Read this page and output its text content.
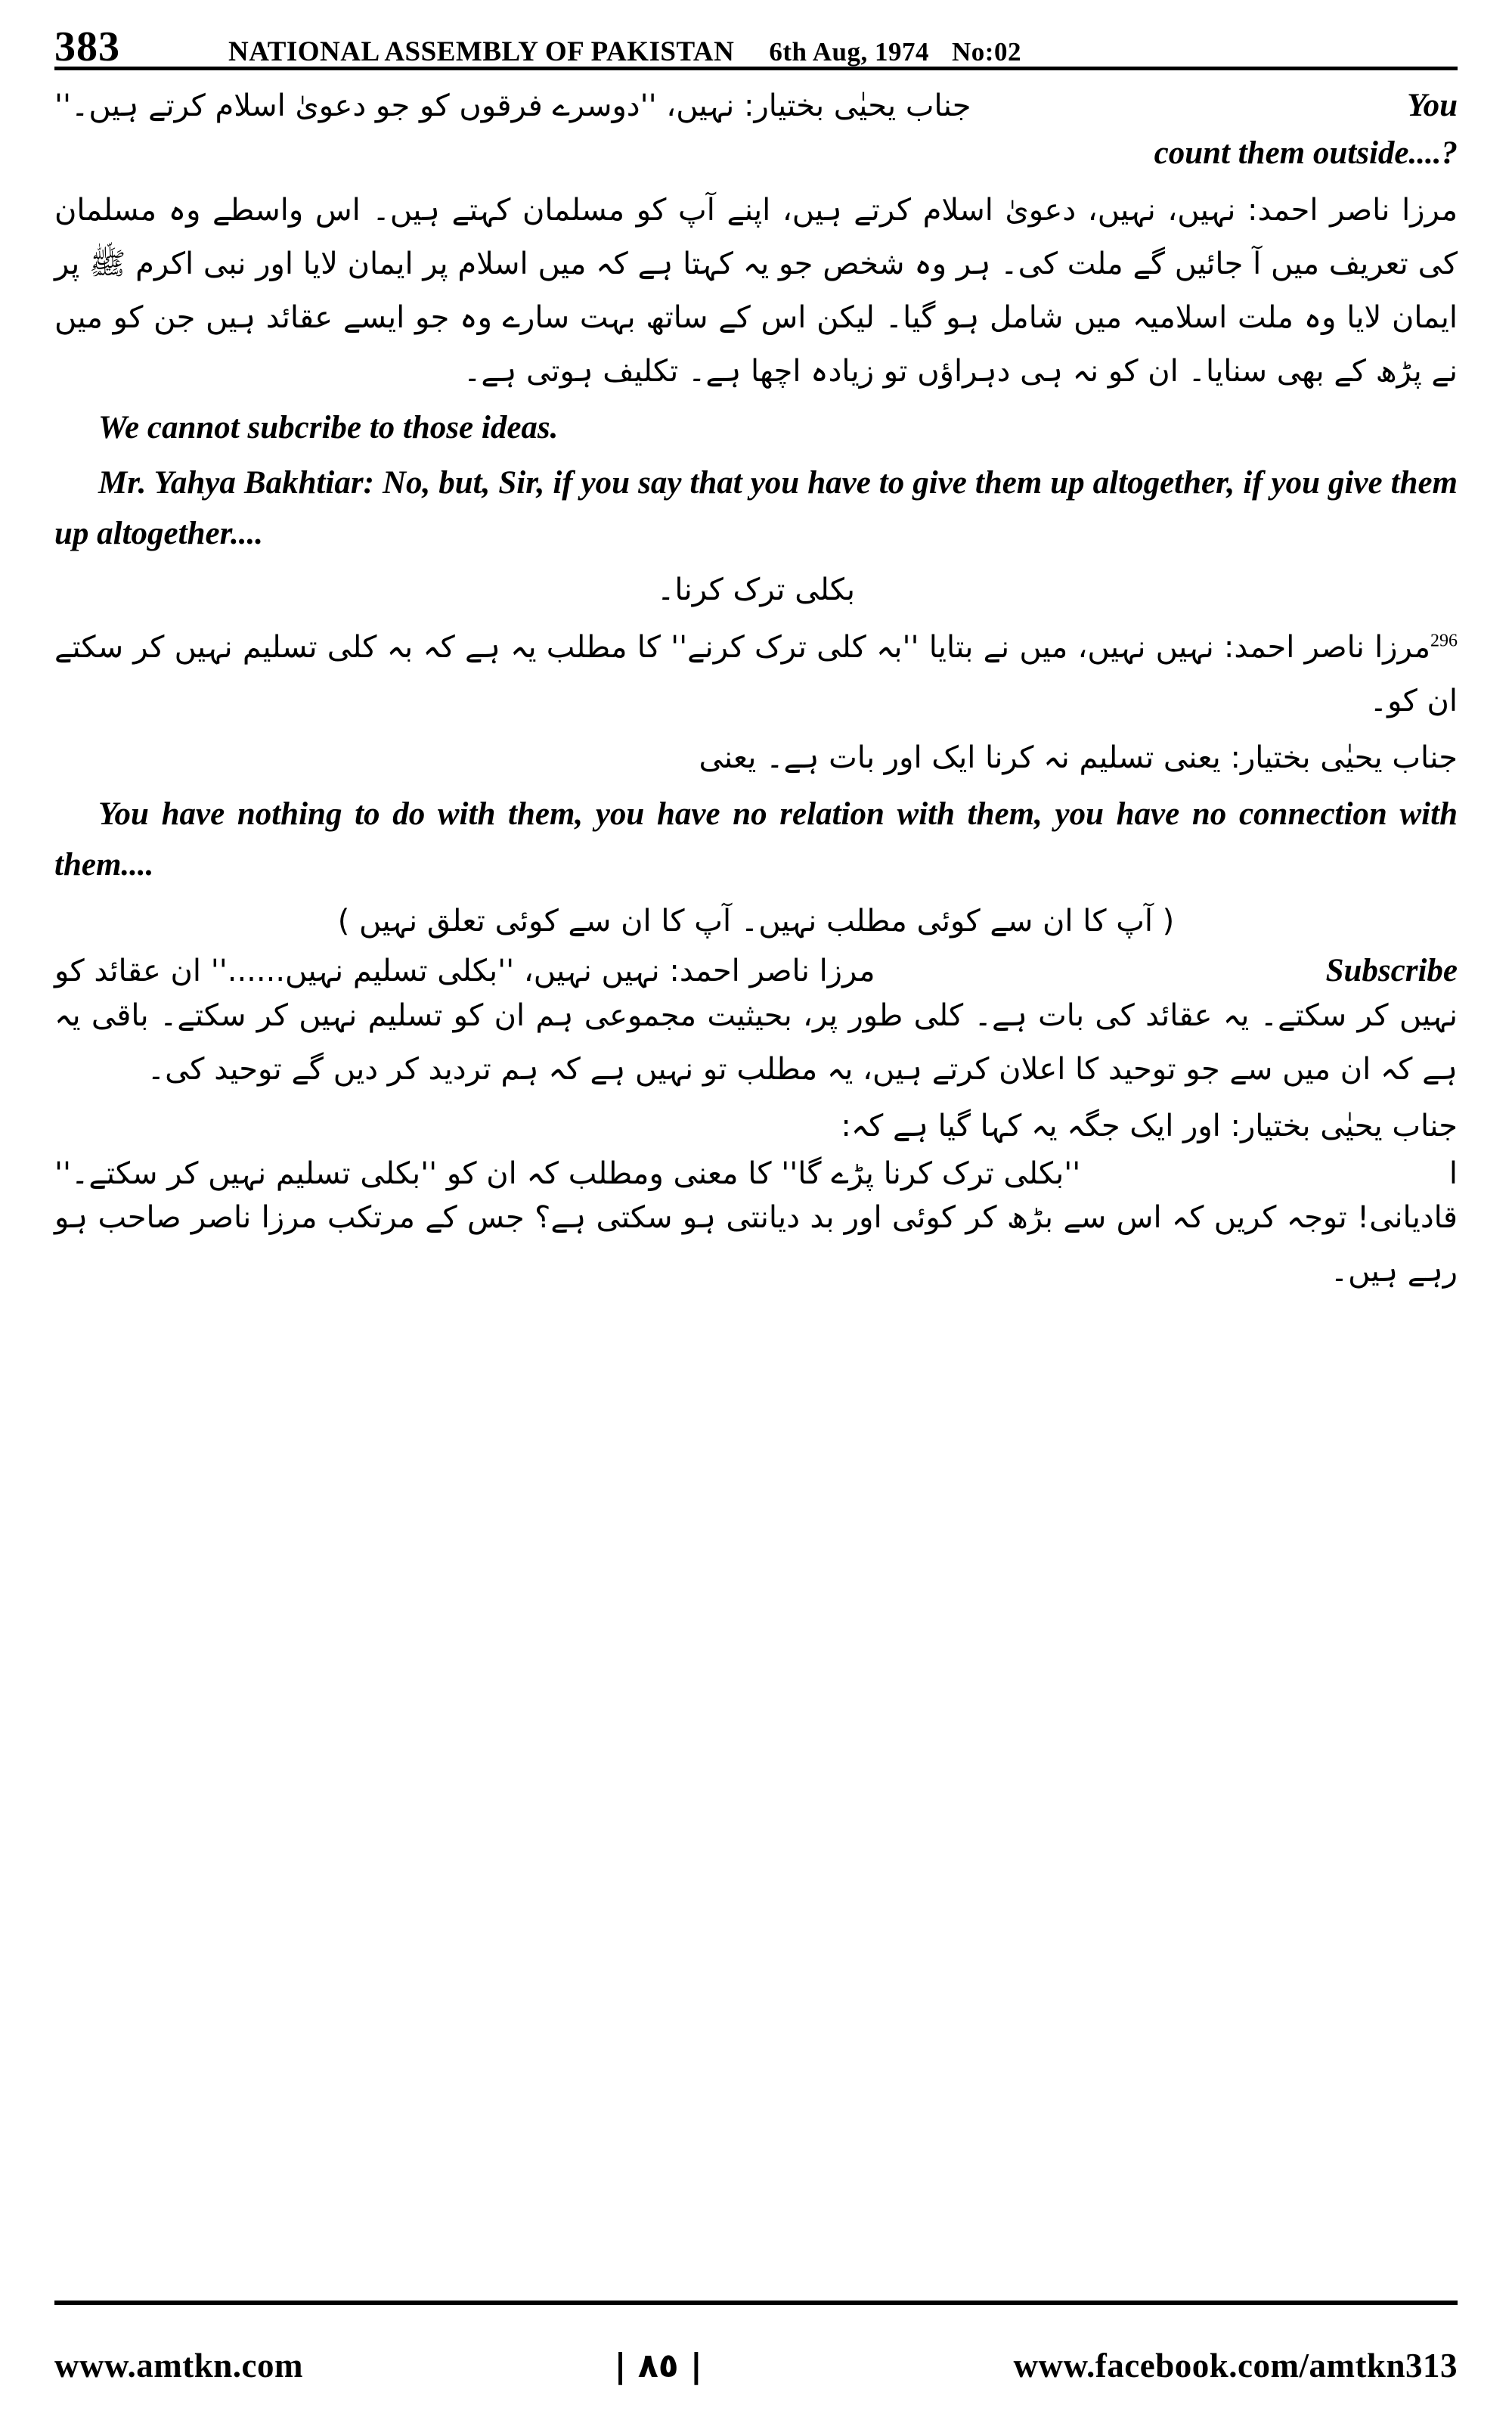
383	NATIONAL ASSEMBLY OF PAKISTAN 6th Aug, 1974 No:02
جناب یحیٰی بختیار: نہیں، ''دوسرے فرقوں کو جو دعویٰ اسلام کرتے ہیں۔''	You
count them outside....?
مرزا ناصر احمد: نہیں، نہیں، دعویٰ اسلام کرتے ہیں، اپنے آپ کو مسلمان کہتے ہیں۔ اس واسطے وہ مسلمان کی تعریف میں آ جائیں گے ملت کی۔ ہر وہ شخص جو یہ کہتا ہے کہ میں اسلام پر ایمان لایا اور نبی اکرم ﷺ پر ایمان لایا وہ ملت اسلامیہ میں شامل ہو گیا۔ لیکن اس کے ساتھ بہت سارے وہ جو ایسے عقائد ہیں جن کو میں نے پڑھ کے بھی سنایا۔ ان کو نہ ہی دہراؤں تو زیادہ اچھا ہے۔ تکلیف ہوتی ہے۔
We cannot subcribe to those ideas.
Mr. Yahya Bakhtiar: No, but, Sir, if you say that you have to give them up altogether, if you give them up altogether....
بکلی ترک کرنا۔
$^{296}$مرزا ناصر احمد: نہیں نہیں، میں نے بتایا ''بہ کلی ترک کرنے'' کا مطلب یہ ہے کہ بہ کلی تسلیم نہیں کر سکتے ان کو۔
جناب یحیٰی بختیار: یعنی تسلیم نہ کرنا ایک اور بات ہے۔ یعنی
You have nothing to do with them, you have no relation with them, you have no connection with them....
( آپ کا ان سے کوئی مطلب نہیں۔ آپ کا ان سے کوئی تعلق نہیں )
مرزا ناصر احمد: نہیں نہیں، ''بکلی تسلیم نہیں......'' ان عقائد کو	Subscribe
نہیں کر سکتے۔ یہ عقائد کی بات ہے۔ کلی طور پر، بحیثیت مجموعی ہم ان کو تسلیم نہیں کر سکتے۔ باقی یہ ہے کہ ان میں سے جو توحید کا اعلان کرتے ہیں، یہ مطلب تو نہیں ہے کہ ہم تردید کر دیں گے توحید کی۔
جناب یحیٰی بختیار: اور ایک جگہ یہ کہا گیا ہے کہ:
''بکلی ترک کرنا پڑے گا'' کا معنی ومطلب کہ ان کو ''بکلی تسلیم نہیں کر سکتے۔''	ا
قادیانی! توجہ کریں کہ اس سے بڑھ کر کوئی اور بد دیانتی ہو سکتی ہے؟ جس کے مرتکب مرزا ناصر صاحب ہو رہے ہیں۔
www.amtkn.com	| ٨٥ |	www.facebook.com/amtkn313
